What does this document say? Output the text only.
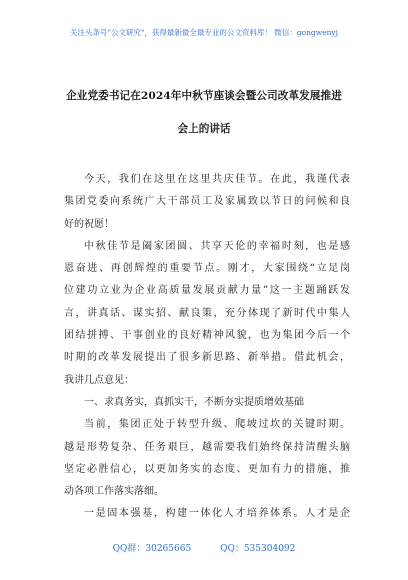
关注头条号"公文研究"，获得最新最全最专业的公文资料库！ 微信：gongwenyj
企业党委书记在2024年中秋节座谈会暨公司改革发展推进
会上的讲话
今天，我们在这里在这里共庆佳节。在此，我谨代表
集团党委向系统广大干部员工及家属致以节日的问候和良
好的祝愿！
中秋佳节是阖家团圆、共享天伦的幸福时刻，也是感
恩奋进、再创辉煌的重要节点。刚才，大家围绕“立足岗
位建功立业为企业高质量发展贡献力量”这一主题踊跃发
言，讲真话、谋实招、献良策，充分体现了新时代中集人
团结拼搏、干事创业的良好精神风貌，也为集团今后一个
时期的改革发展提出了很多新思路、新举措。借此机会，
我讲几点意见：
一、求真务实，真抓实干，不断夯实提质增效基础
当前，集团正处于转型升级、爬坡过坎的关键时期。
越是形势复杂、任务艰巨，越需要我们始终保持清醒头脑
坚定必胜信心，以更加务实的态度、更加有力的措施，推
动各项工作落实落细。
一是固本强基，构建一体化人才培养体系。人才是企
QQ群：30265665	QQ：535304092
